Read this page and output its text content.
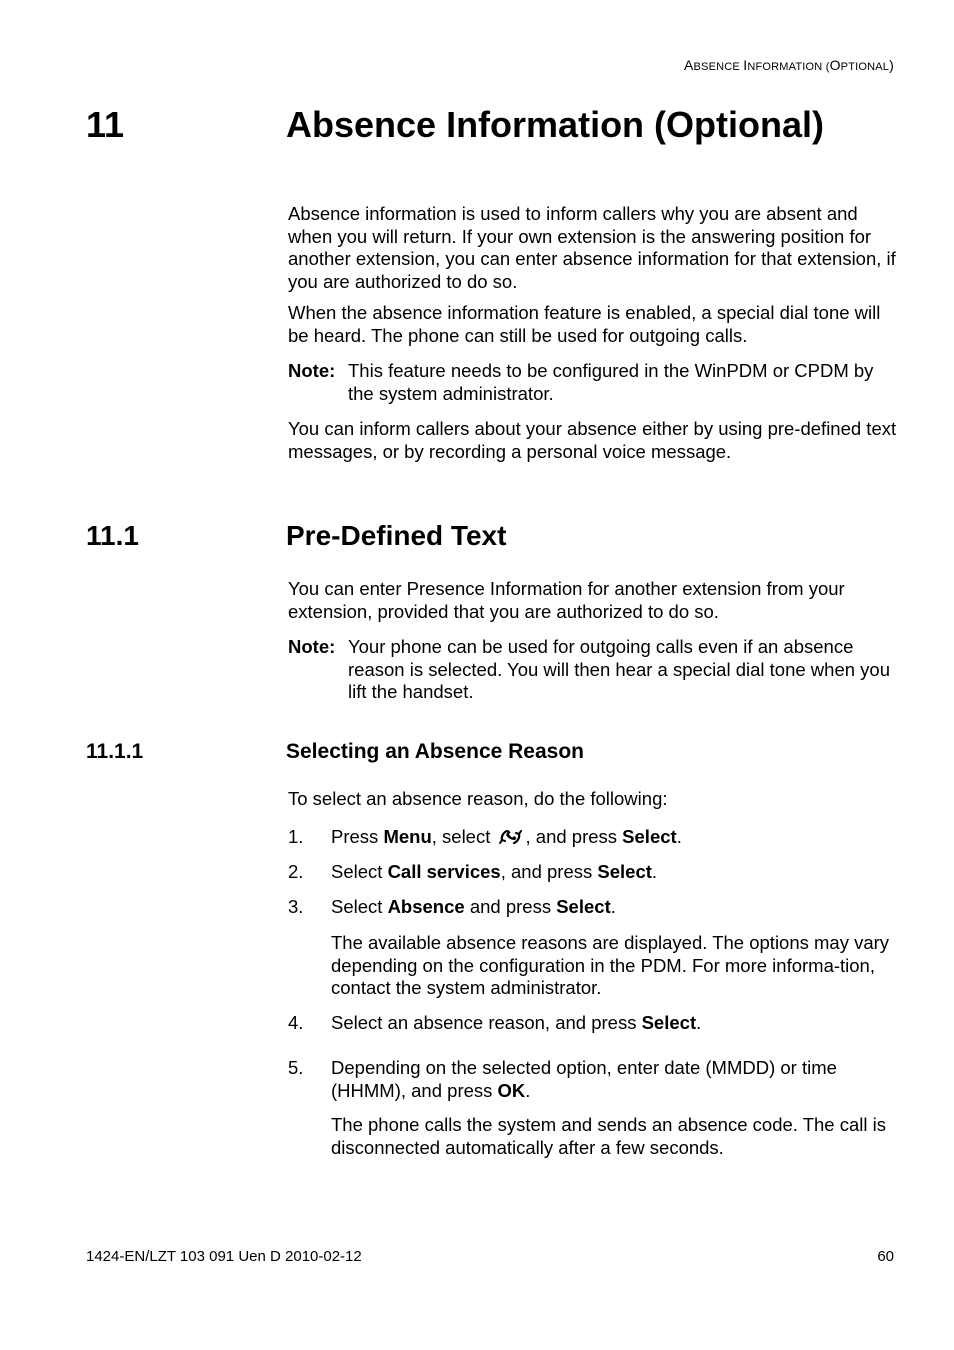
ABSENCE INFORMATION (OPTIONAL)
11	Absence Information (Optional)
Absence information is used to inform callers why you are absent and when you will return. If your own extension is the answering position for another extension, you can enter absence information for that extension, if you are authorized to do so.
When the absence information feature is enabled, a special dial tone will be heard. The phone can still be used for outgoing calls.
Note: This feature needs to be configured in the WinPDM or CPDM by the system administrator.
You can inform callers about your absence either by using pre-defined text messages, or by recording a personal voice message.
11.1	Pre-Defined Text
You can enter Presence Information for another extension from your extension, provided that you are authorized to do so.
Note: Your phone can be used for outgoing calls even if an absence reason is selected. You will then hear a special dial tone when you lift the handset.
11.1.1	Selecting an Absence Reason
To select an absence reason, do the following:
1. Press Menu, select , and press Select.
2. Select Call services, and press Select.
3. Select Absence and press Select.
The available absence reasons are displayed. The options may vary depending on the configuration in the PDM. For more informa-tion, contact the system administrator.
4. Select an absence reason, and press Select.
5. Depending on the selected option, enter date (MMDD) or time (HHMM), and press OK.
The phone calls the system and sends an absence code. The call is disconnected automatically after a few seconds.
1424-EN/LZT 103 091 Uen D 2010-02-12	60
